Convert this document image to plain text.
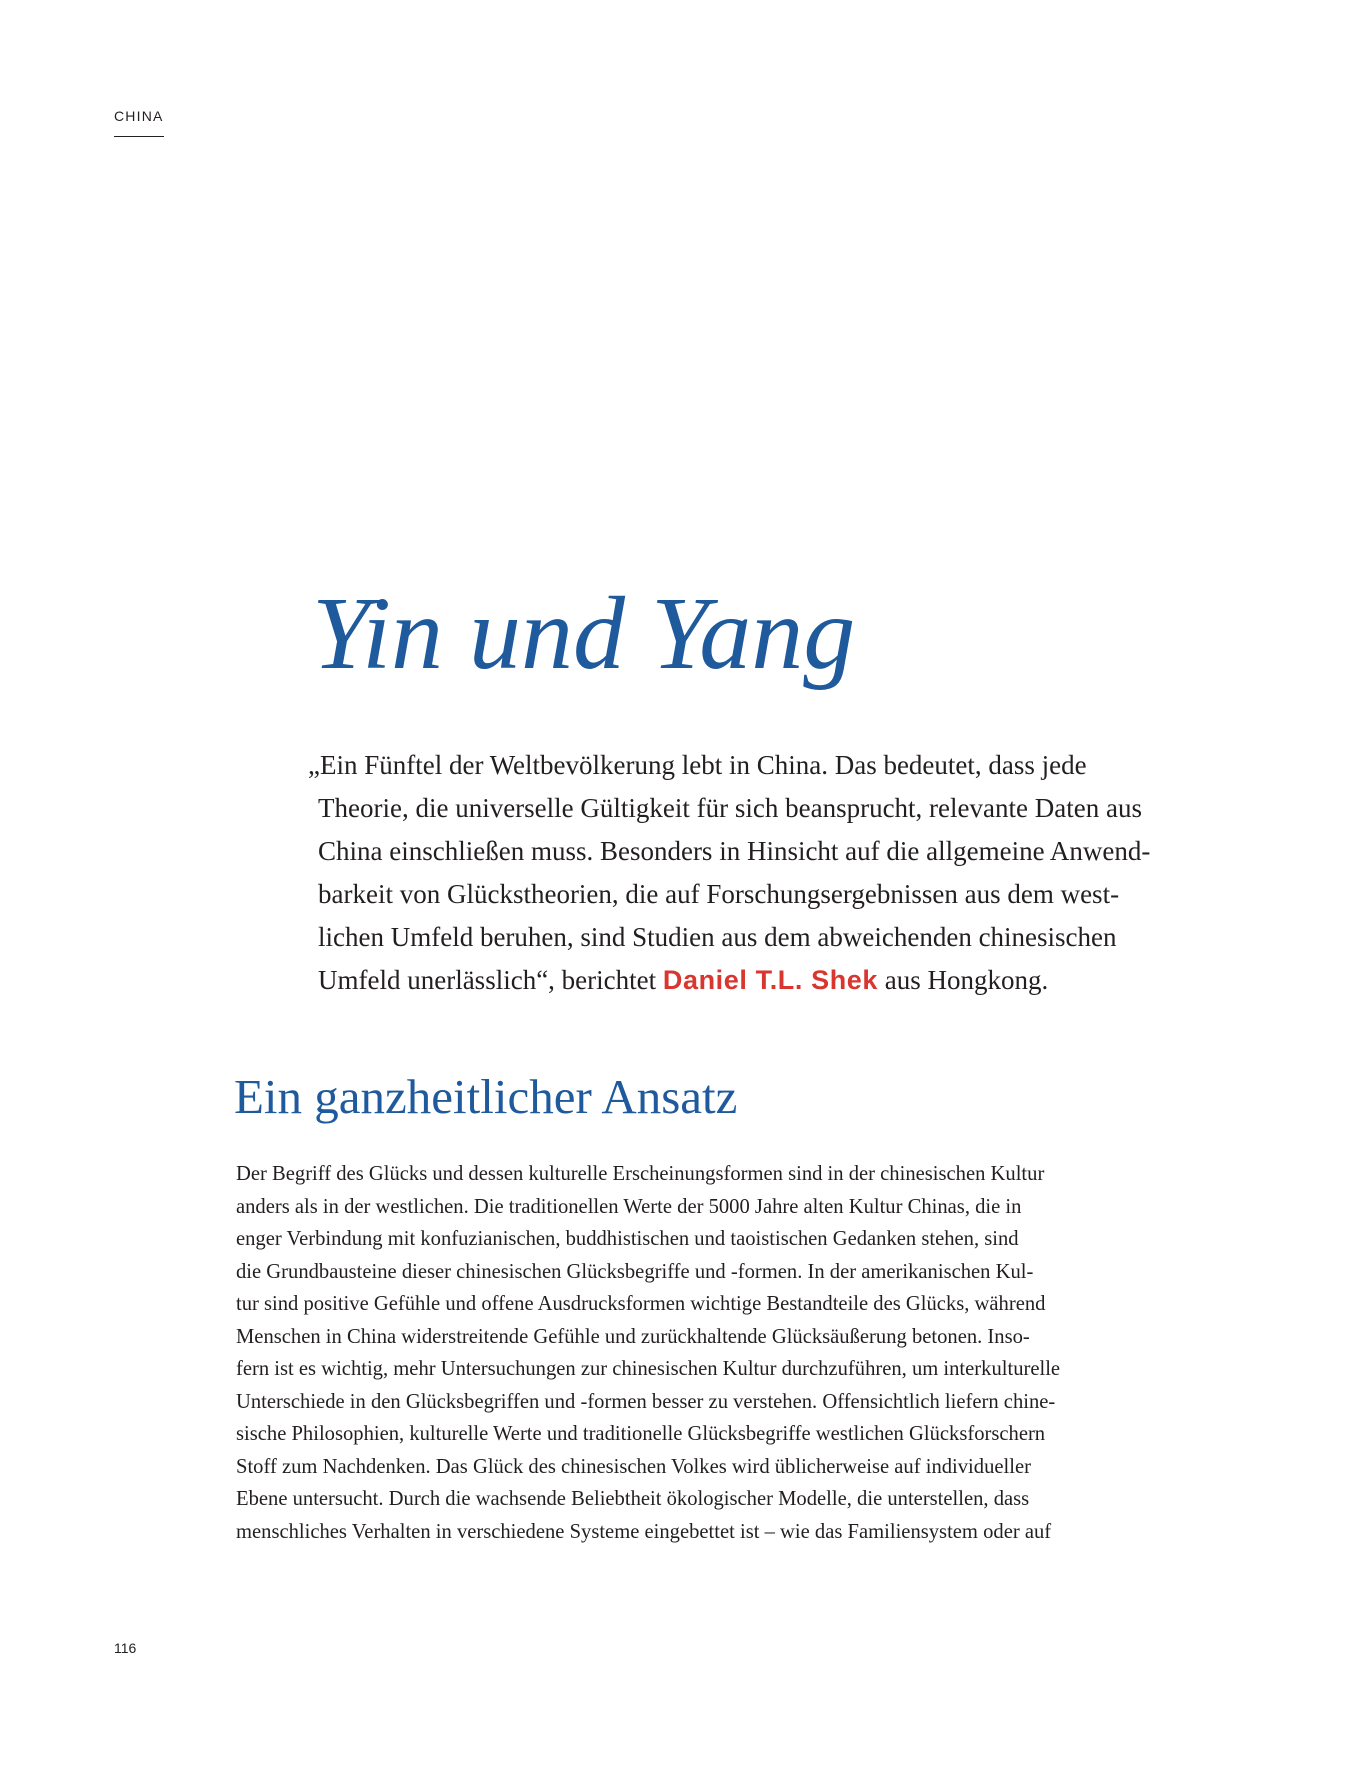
CHINA
Yin und Yang

„Ein Fünftel der Weltbevölkerung lebt in China. Das bedeutet, dass jede
Theorie, die universelle Gültigkeit für sich beansprucht, relevante Daten aus
China einschließen muss. Besonders in Hinsicht auf die allgemeine Anwend-
barkeit von Glückstheorien, die auf Forschungsergebnissen aus dem west-
lichen Umfeld beruhen, sind Studien aus dem abweichenden chinesischen
Umfeld unerlässlich“, berichtet Daniel T.L. Shek aus Hongkong.

Ein ganzheitlicher Ansatz

Der Begriff des Glücks und dessen kulturelle Erscheinungsformen sind in der chinesischen Kultur
anders als in der westlichen. Die traditionellen Werte der 5000 Jahre alten Kultur Chinas, die in
enger Verbindung mit konfuzianischen, buddhistischen und taoistischen Gedanken stehen, sind
die Grundbausteine dieser chinesischen Glücksbegriffe und -formen. In der amerikanischen Kul-
tur sind positive Gefühle und offene Ausdrucksformen wichtige Bestandteile des Glücks, während
Menschen in China widerstreitende Gefühle und zurückhaltende Glücksäußerung betonen. Inso-
fern ist es wichtig, mehr Untersuchungen zur chinesischen Kultur durchzuführen, um interkulturelle
Unterschiede in den Glücksbegriffen und -formen besser zu verstehen. Offensichtlich liefern chine-
sische Philosophien, kulturelle Werte und traditionelle Glücksbegriffe westlichen Glücksforschern
Stoff zum Nachdenken. Das Glück des chinesischen Volkes wird üblicherweise auf individueller
Ebene untersucht. Durch die wachsende Beliebtheit ökologischer Modelle, die unterstellen, dass
menschliches Verhalten in verschiedene Systeme eingebettet ist – wie das Familiensystem oder auf

116
